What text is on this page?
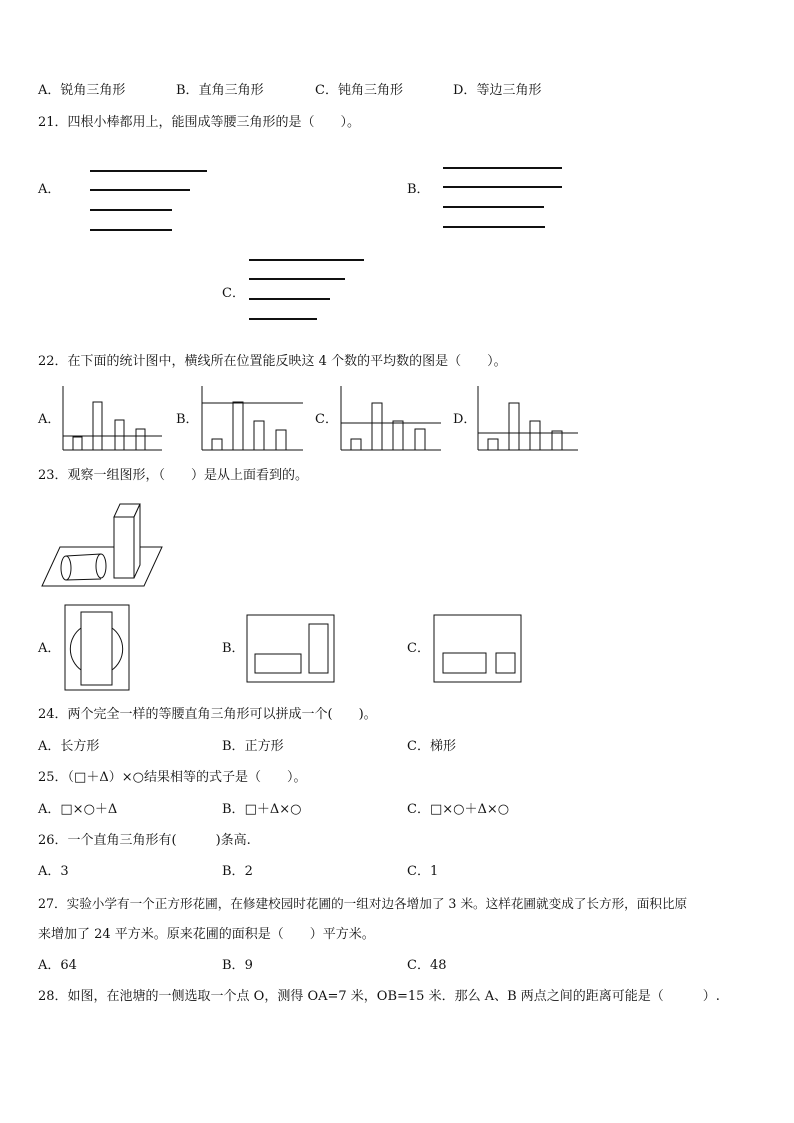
A．锐角三角形	B．直角三角形	C．钝角三角形	D．等边三角形
21．四根小棒都用上，能围成等腰三角形的是（　　）。
A．	B．
C．
22．在下面的统计图中，横线所在位置能反映这 4 个数的平均数的图是（　　）。
A．	B．	C．	D．
23．观察一组图形，（　　）是从上面看到的。
A．	B．	C．
24．两个完全一样的等腰直角三角形可以拼成一个(　　)。
A．长方形	B．正方形	C．梯形
25．（□＋Δ）×○结果相等的式子是（　　）。
A．□×○＋Δ	B．□＋Δ×○	C．□×○＋Δ×○
26．一个直角三角形有(　　　)条高.
A．3	B．2	C．1
27．实验小学有一个正方形花圃，在修建校园时花圃的一组对边各增加了 3 米。这样花圃就变成了长方形，面积比原
来增加了 24 平方米。原来花圃的面积是（　　）平方米。
A．64	B．9	C．48
28．如图，在池塘的一侧选取一个点 O，测得 OA=7 米，OB=15 米．那么 A、B 两点之间的距离可能是（　　　）.
